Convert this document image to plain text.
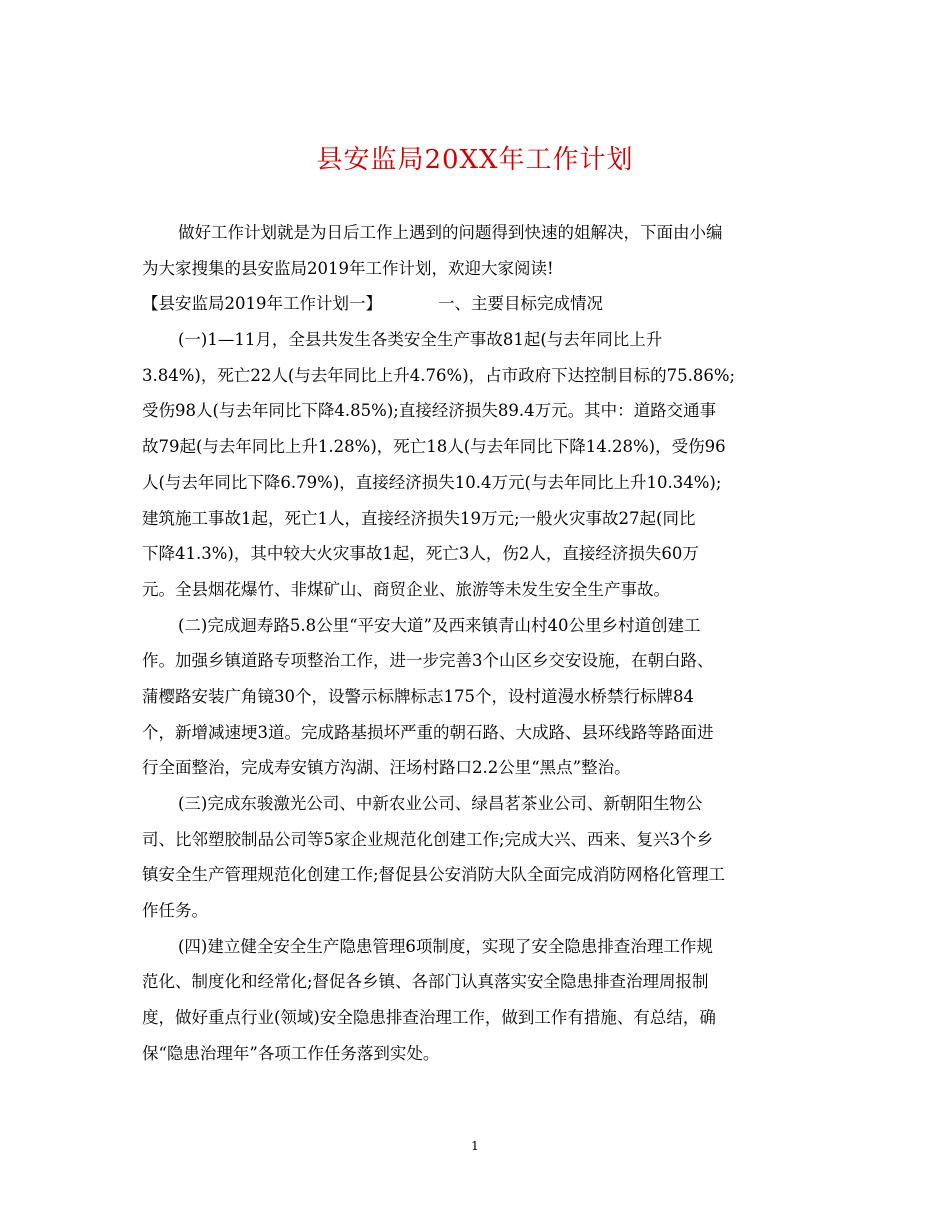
县安监局20XX年工作计划
做好工作计划就是为日后工作上遇到的问题得到快速的姐解决，下面由小编
为大家搜集的县安监局2019年工作计划，欢迎大家阅读!
【县安监局2019年工作计划一】	一、主要目标完成情况
(一)1—11月，全县共发生各类安全生产事故81起(与去年同比上升
3.84%)，死亡22人(与去年同比上升4.76%)，占市政府下达控制目标的75.86%;
受伤98人(与去年同比下降4.85%);直接经济损失89.4万元。其中：道路交通事
故79起(与去年同比上升1.28%)，死亡18人(与去年同比下降14.28%)，受伤96
人(与去年同比下降6.79%)，直接经济损失10.4万元(与去年同比上升10.34%);
建筑施工事故1起，死亡1人，直接经济损失19万元;一般火灾事故27起(同比
下降41.3%)，其中较大火灾事故1起，死亡3人，伤2人，直接经济损失60万
元。全县烟花爆竹、非煤矿山、商贸企业、旅游等未发生安全生产事故。
(二)完成迴寿路5.8公里“平安大道”及西来镇青山村40公里乡村道创建工
作。加强乡镇道路专项整治工作，进一步完善3个山区乡交安设施，在朝白路、
蒲樱路安装广角镜30个，设警示标牌标志175个，设村道漫水桥禁行标牌84
个，新增减速埂3道。完成路基损坏严重的朝石路、大成路、县环线路等路面进
行全面整治，完成寿安镇方沟湖、汪场村路口2.2公里“黑点”整治。
(三)完成东骏激光公司、中新农业公司、绿昌茗茶业公司、新朝阳生物公
司、比邻塑胶制品公司等5家企业规范化创建工作;完成大兴、西来、复兴3个乡
镇安全生产管理规范化创建工作;督促县公安消防大队全面完成消防网格化管理工
作任务。
(四)建立健全安全生产隐患管理6项制度，实现了安全隐患排查治理工作规
范化、制度化和经常化;督促各乡镇、各部门认真落实安全隐患排查治理周报制
度，做好重点行业(领域)安全隐患排查治理工作，做到工作有措施、有总结，确
保“隐患治理年”各项工作任务落到实处。
1
